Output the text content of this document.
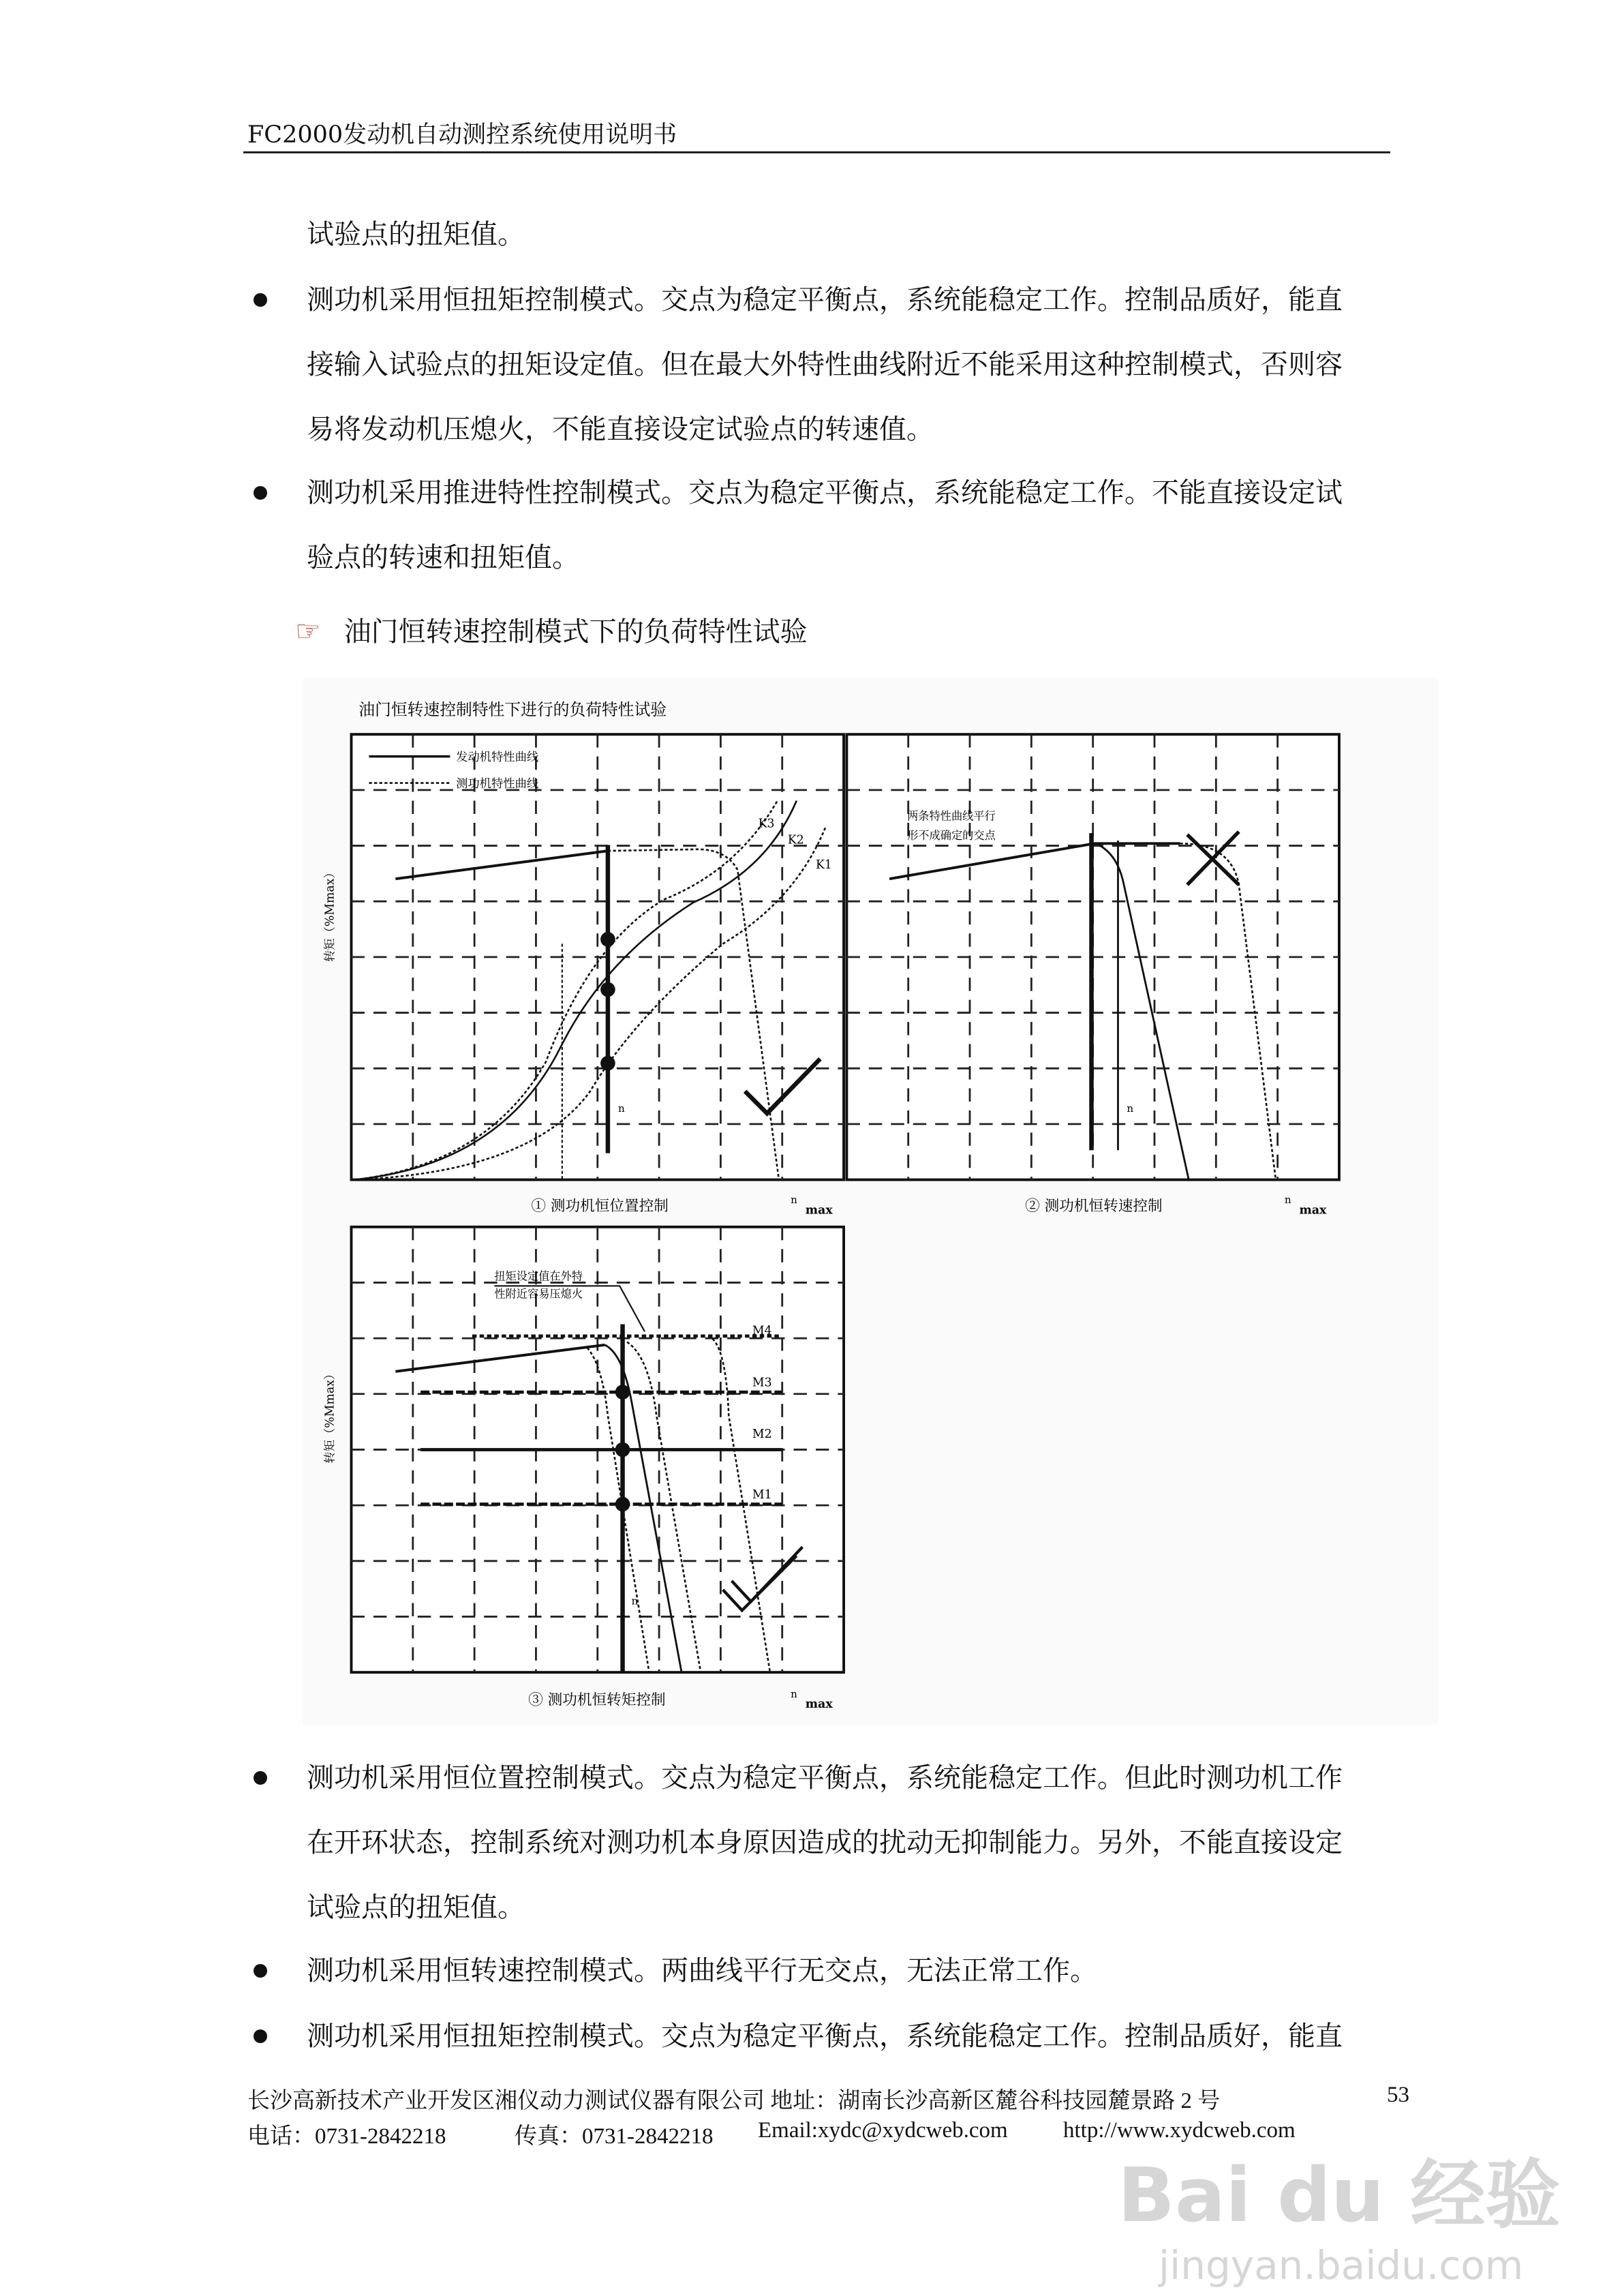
FC2000发动机自动测控系统使用说明书
试验点的扭矩值。
测功机采用恒扭矩控制模式。交点为稳定平衡点，系统能稳定工作。控制品质好，能直
接输入试验点的扭矩设定值。但在最大外特性曲线附近不能采用这种控制模式，否则容
易将发动机压熄火，不能直接设定试验点的转速值。
测功机采用推进特性控制模式。交点为稳定平衡点，系统能稳定工作。不能直接设定试
验点的转速和扭矩值。
☞ 油门恒转速控制模式下的负荷特性试验
油门恒转速控制特性下进行的负荷特性试验
发动机特性曲线
测功机特性曲线
K3
K2
K1
n
① 测功机恒位置控制	n
max
转矩（%Mmax）
两条特性曲线平行
形不成确定的交点
n
② 测功机恒转速控制	n
max
扭矩设定值在外特
性附近容易压熄火
M4
M3
M2
M1
n
转矩（%Mmax）
③ 测功机恒转矩控制	n
max
测功机采用恒位置控制模式。交点为稳定平衡点，系统能稳定工作。但此时测功机工作
在开环状态，控制系统对测功机本身原因造成的扰动无抑制能力。另外，不能直接设定
试验点的扭矩值。
测功机采用恒转速控制模式。两曲线平行无交点，无法正常工作。
测功机采用恒扭矩控制模式。交点为稳定平衡点，系统能稳定工作。控制品质好，能直
长沙高新技术产业开发区湘仪动力测试仪器有限公司 地址：湖南长沙高新区麓谷科技园麓景路 2 号	53
电话：0731-2842218	传真：0731-2842218 Email:xydc@xydcweb.com http://www.xydcweb.com
Bai du 经验
jingyan.baidu.com
